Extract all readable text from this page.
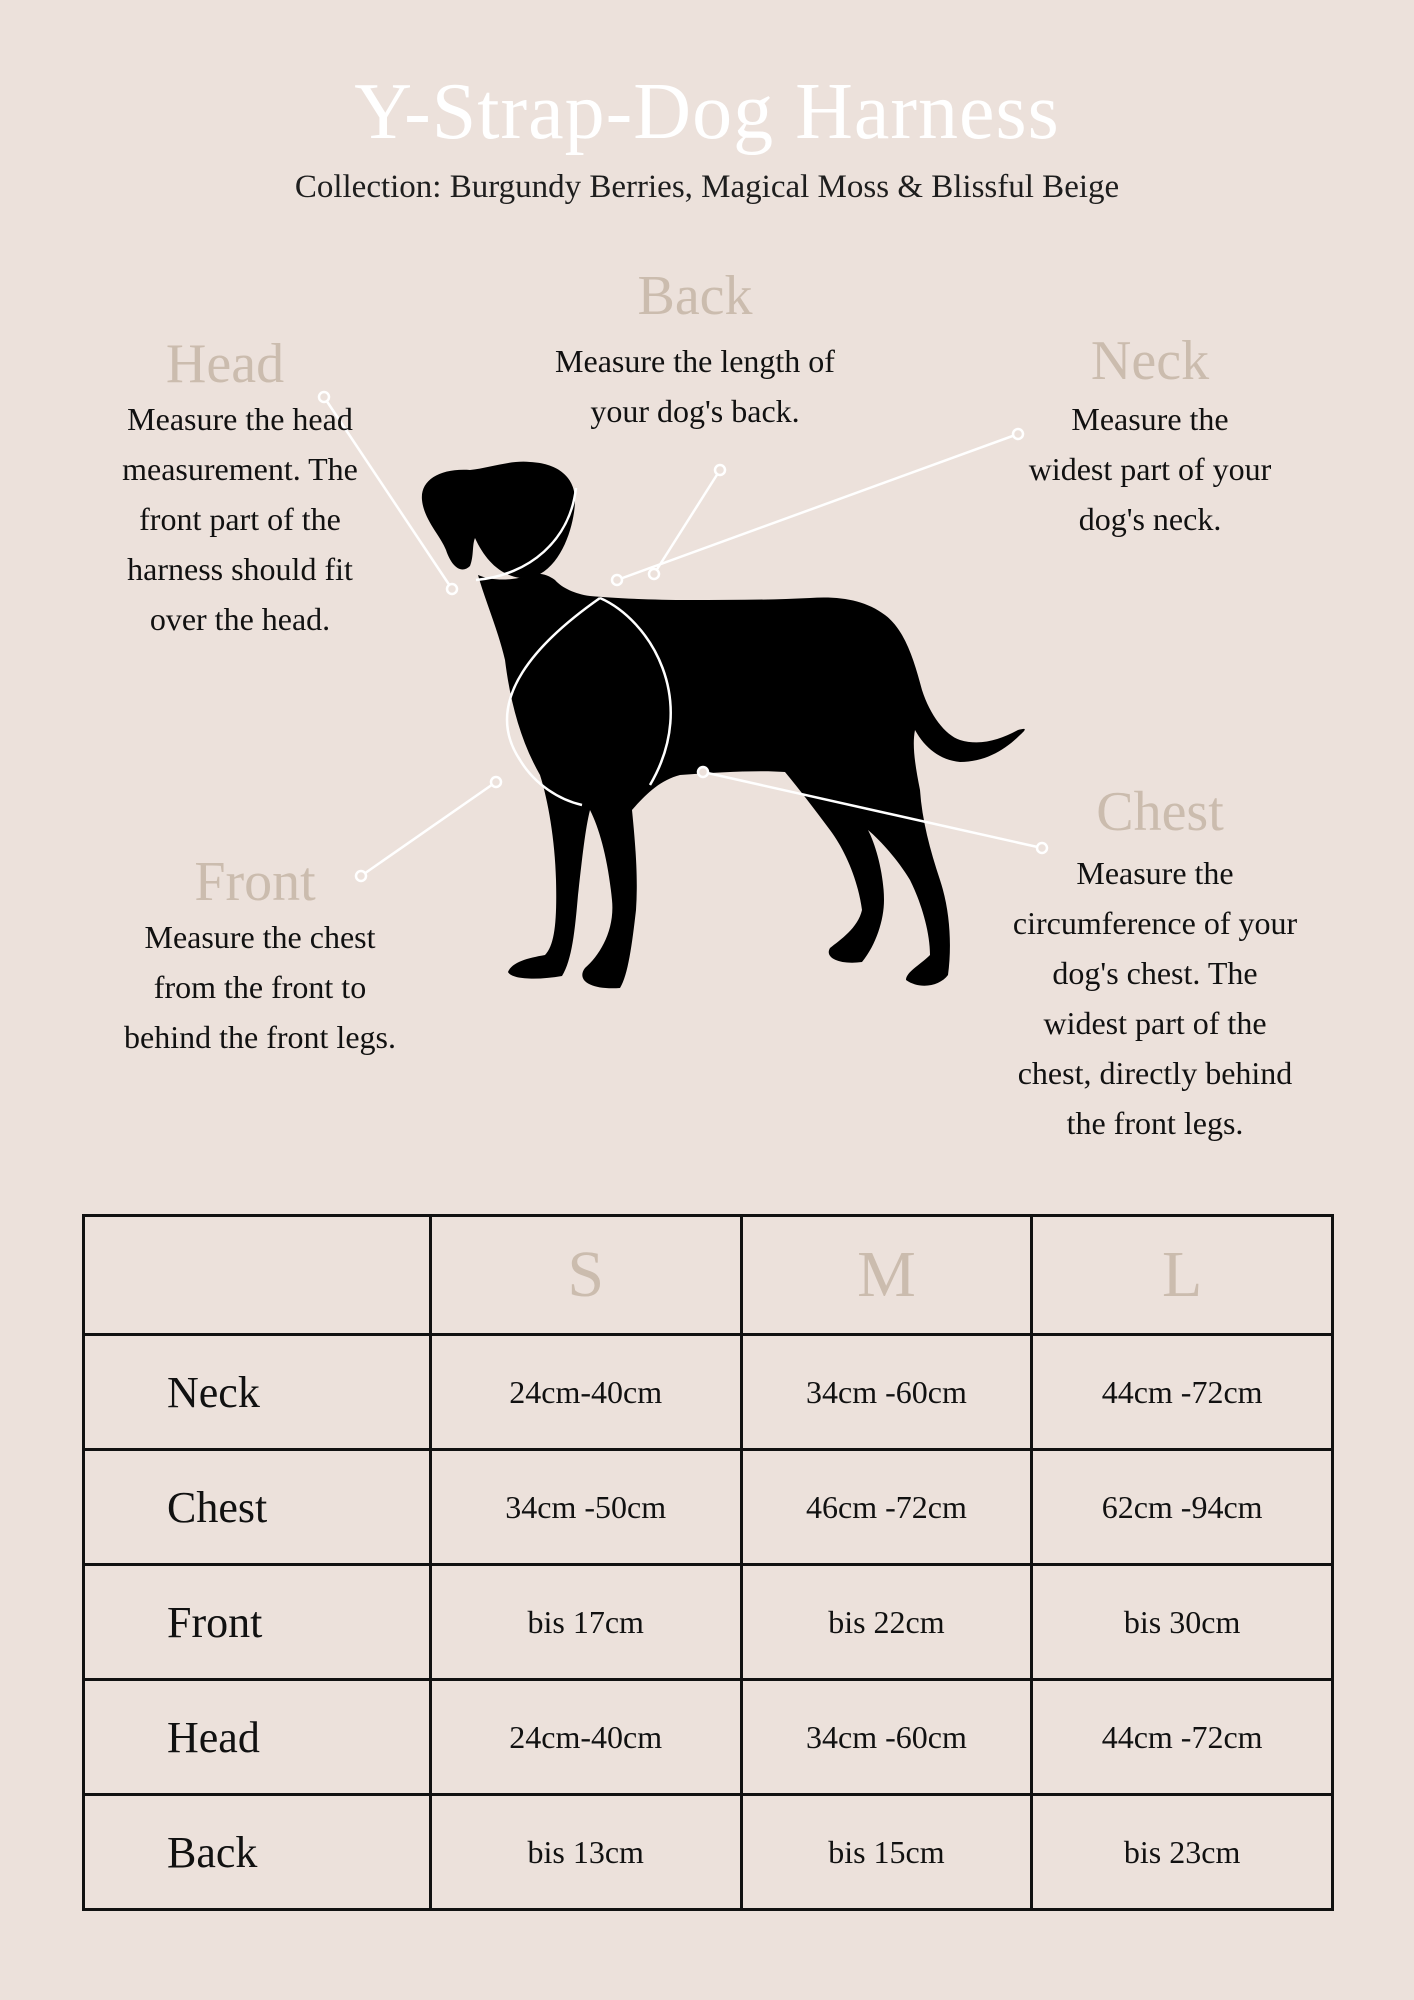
Y-Strap-Dog Harness
Collection: Burgundy Berries, Magical Moss & Blissful Beige
Back
Measure the length of
your dog's back.
Head
Measure the head
measurement. The
front part of the
harness should fit
over the head.
Neck
Measure the
widest part of your
dog's neck.
Front
Measure the chest
from the front to
behind the front legs.
Chest
Measure the
circumference of your
dog's chest. The
widest part of the
chest, directly behind
the front legs.
	S	M	L
Neck	24cm-40cm	34cm -60cm	44cm -72cm
Chest	34cm -50cm	46cm -72cm	62cm -94cm
Front	bis 17cm	bis 22cm	bis 30cm
Head	24cm-40cm	34cm -60cm	44cm -72cm
Back	bis 13cm	bis 15cm	bis 23cm
